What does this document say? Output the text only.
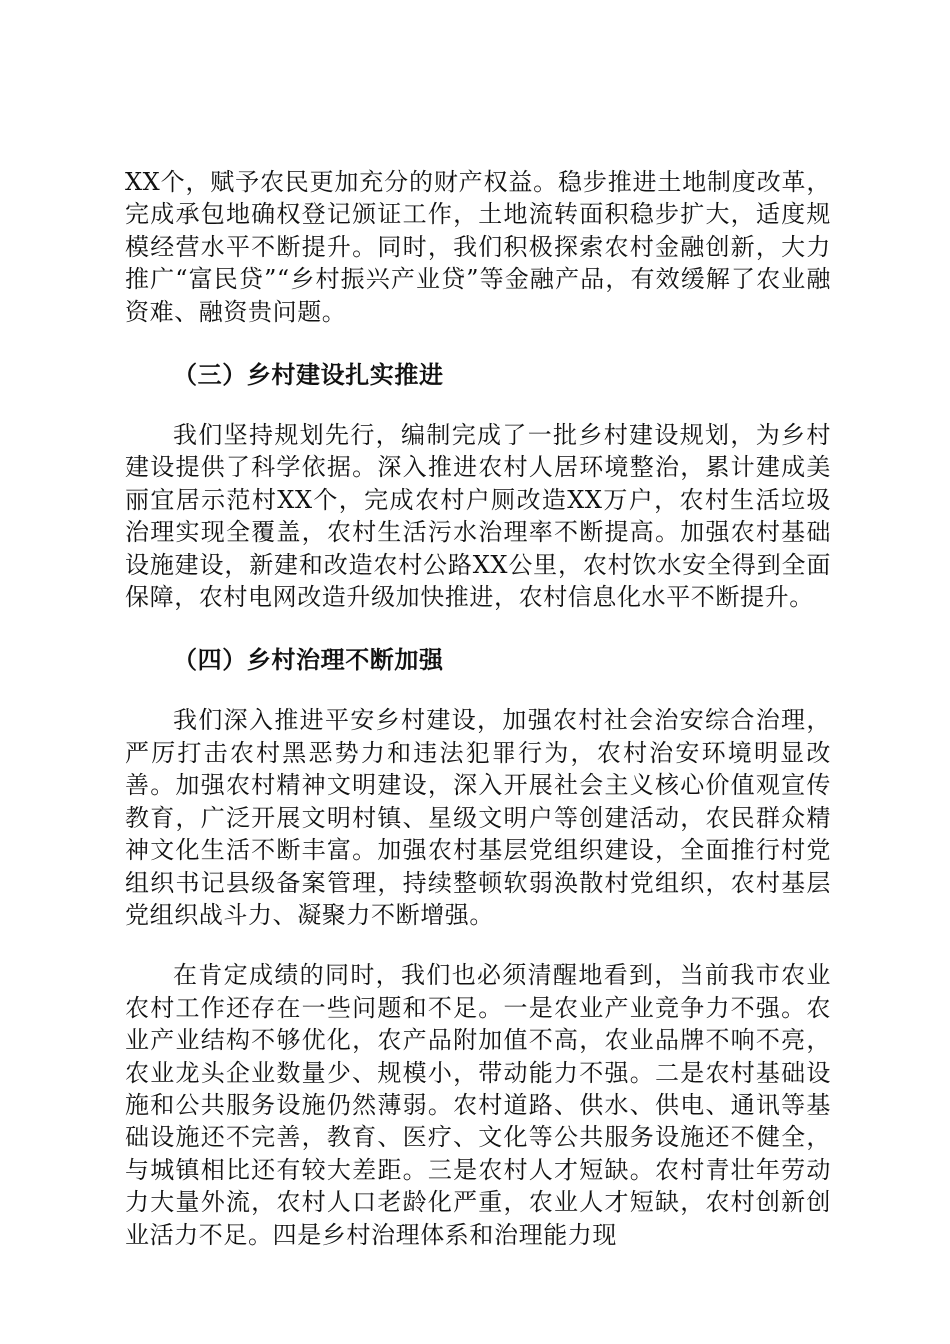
XX个，赋予农民更加充分的财产权益。稳步推进土地制度改革，完成承包地确权登记颁证工作，土地流转面积稳步扩大，适度规模经营水平不断提升。同时，我们积极探索农村金融创新，大力推广“富民贷”“乡村振兴产业贷”等金融产品，有效缓解了农业融资难、融资贵问题。

（三）乡村建设扎实推进

我们坚持规划先行，编制完成了一批乡村建设规划，为乡村建设提供了科学依据。深入推进农村人居环境整治，累计建成美丽宜居示范村XX个，完成农村户厕改造XX万户，农村生活垃圾治理实现全覆盖，农村生活污水治理率不断提高。加强农村基础设施建设，新建和改造农村公路XX公里，农村饮水安全得到全面保障，农村电网改造升级加快推进，农村信息化水平不断提升。

（四）乡村治理不断加强

我们深入推进平安乡村建设，加强农村社会治安综合治理，严厉打击农村黑恶势力和违法犯罪行为，农村治安环境明显改善。加强农村精神文明建设，深入开展社会主义核心价值观宣传教育，广泛开展文明村镇、星级文明户等创建活动，农民群众精神文化生活不断丰富。加强农村基层党组织建设，全面推行村党组织书记县级备案管理，持续整顿软弱涣散村党组织，农村基层党组织战斗力、凝聚力不断增强。

在肯定成绩的同时，我们也必须清醒地看到，当前我市农业农村工作还存在一些问题和不足。一是农业产业竞争力不强。农业产业结构不够优化，农产品附加值不高，农业品牌不响不亮，农业龙头企业数量少、规模小，带动能力不强。二是农村基础设施和公共服务设施仍然薄弱。农村道路、供水、供电、通讯等基础设施还不完善，教育、医疗、文化等公共服务设施还不健全，与城镇相比还有较大差距。三是农村人才短缺。农村青壮年劳动力大量外流，农村人口老龄化严重，农业人才短缺，农村创新创业活力不足。四是乡村治理体系和治理能力现
